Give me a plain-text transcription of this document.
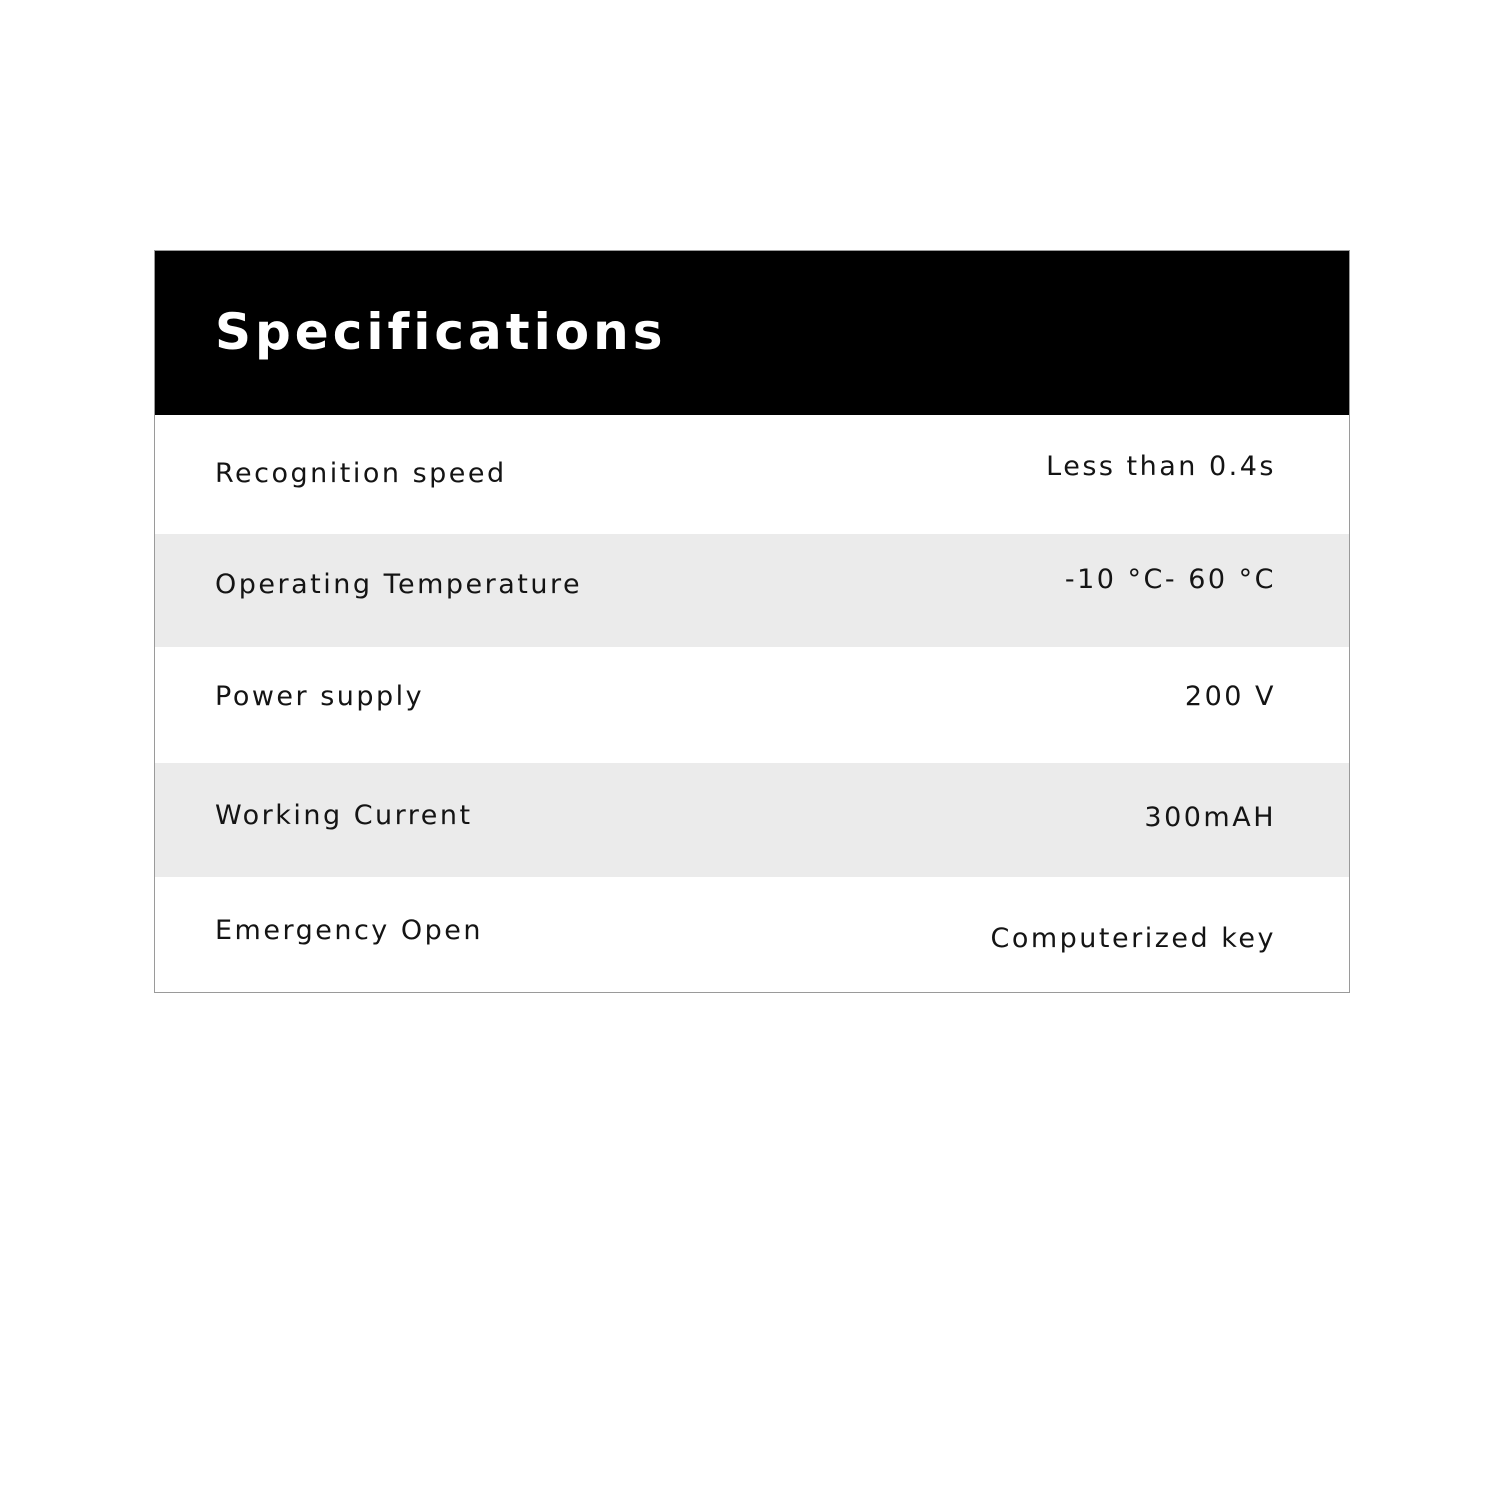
Specifications
Recognition speed	Less than 0.4s
Operating Temperature	-10 °C- 60 °C
Power supply	200 V
Working Current	300mAH
Emergency Open	Computerized key
